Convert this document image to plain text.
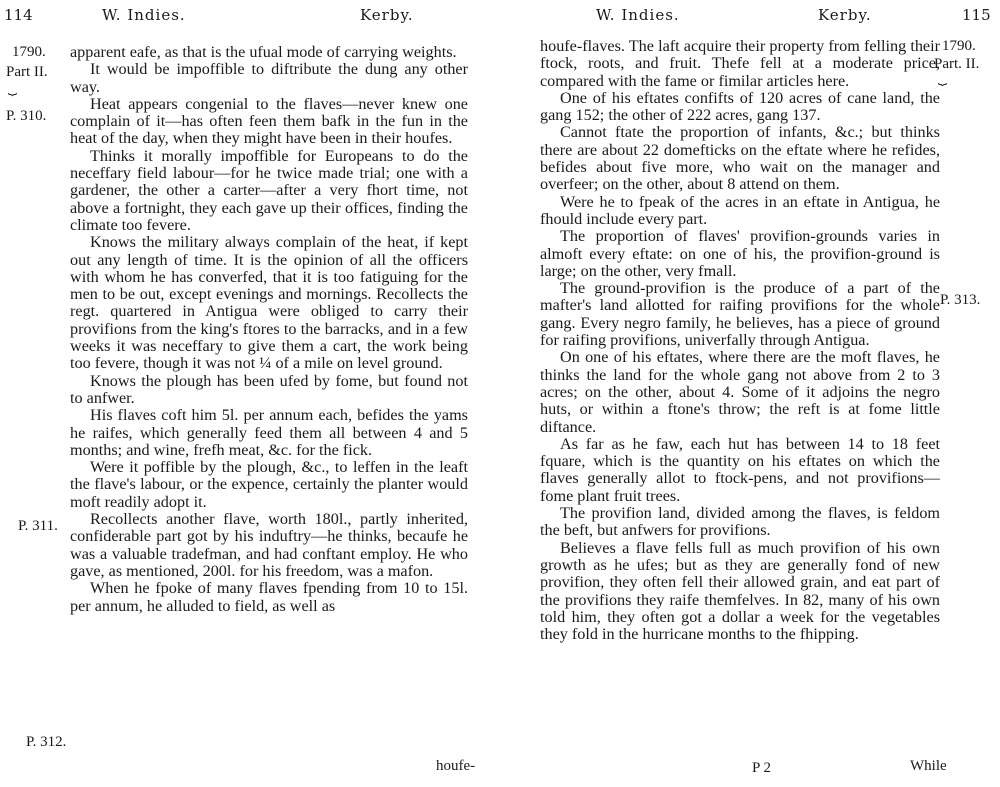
114	W. Indies.	Kerby.
1790.
Part II.
⏟
P. 310.
P. 311.
P. 312.

apparent eafe, as that is the ufual mode of carrying weights.

It would be impoffible to diftribute the dung any other way.

Heat appears congenial to the flaves—never knew one complain of it—has often feen them bafk in the fun in the heat of the day, when they might have been in their houfes.

Thinks it morally impoffible for Europeans to do the neceffary field labour—for he twice made trial; one with a gardener, the other a carter—after a very fhort time, not above a fortnight, they each gave up their offices, finding the climate too fevere.

Knows the military always complain of the heat, if kept out any length of time. It is the opinion of all the officers with whom he has converfed, that it is too fatiguing for the men to be out, except evenings and mornings. Recollects the regt. quartered in Antigua were obliged to carry their provifions from the king's ftores to the barracks, and in a few weeks it was neceffary to give them a cart, the work being too fevere, though it was not ¼ of a mile on level ground.

Knows the plough has been ufed by fome, but found not to anfwer.

His flaves coft him 5l. per annum each, befides the yams he raifes, which generally feed them all between 4 and 5 months; and wine, frefh meat, &c. for the fick.

Were it poffible by the plough, &c., to leffen in the leaft the flave's labour, or the expence, certainly the planter would moft readily adopt it.

Recollects another flave, worth 180l., partly inherited, confiderable part got by his induftry—he thinks, becaufe he was a valuable tradefman, and had conftant employ. He who gave, as mentioned, 200l. for his freedom, was a mafon.

When he fpoke of many flaves fpending from 10 to 15l. per annum, he alluded to field, as well as

houfe-
W. Indies.	Kerby.	115
1790.
Part. II.
⏟
P. 313.

houfe-flaves. The laft acquire their property from felling their ftock, roots, and fruit. Thefe fell at a moderate price, compared with the fame or fimilar articles here.

One of his eftates confifts of 120 acres of cane land, the gang 152; the other of 222 acres, gang 137.

Cannot ftate the proportion of infants, &c.; but thinks there are about 22 domefticks on the eftate where he refides, befides about five more, who wait on the manager and overfeer; on the other, about 8 attend on them.

Were he to fpeak of the acres in an eftate in Antigua, he fhould include every part.

The proportion of flaves' provifion-grounds varies in almoft every eftate: on one of his, the provifion-ground is large; on the other, very fmall.

The ground-provifion is the produce of a part of the mafter's land allotted for raifing provifions for the whole gang. Every negro family, he believes, has a piece of ground for raifing provifions, univerfally through Antigua.

On one of his eftates, where there are the moft flaves, he thinks the land for the whole gang not above from 2 to 3 acres; on the other, about 4. Some of it adjoins the negro huts, or within a ftone's throw; the reft is at fome little diftance.

As far as he faw, each hut has between 14 to 18 feet fquare, which is the quantity on his eftates on which the flaves generally allot to ftock-pens, and not provifions—fome plant fruit trees.

The provifion land, divided among the flaves, is feldom the beft, but anfwers for provifions.

Believes a flave fells full as much provifion of his own growth as he ufes; but as they are generally fond of new provifion, they often fell their allowed grain, and eat part of the provifions they raife themfelves. In 82, many of his own told him, they often got a dollar a week for the vegetables they fold in the hurricane months to the fhipping.

P 2	While
